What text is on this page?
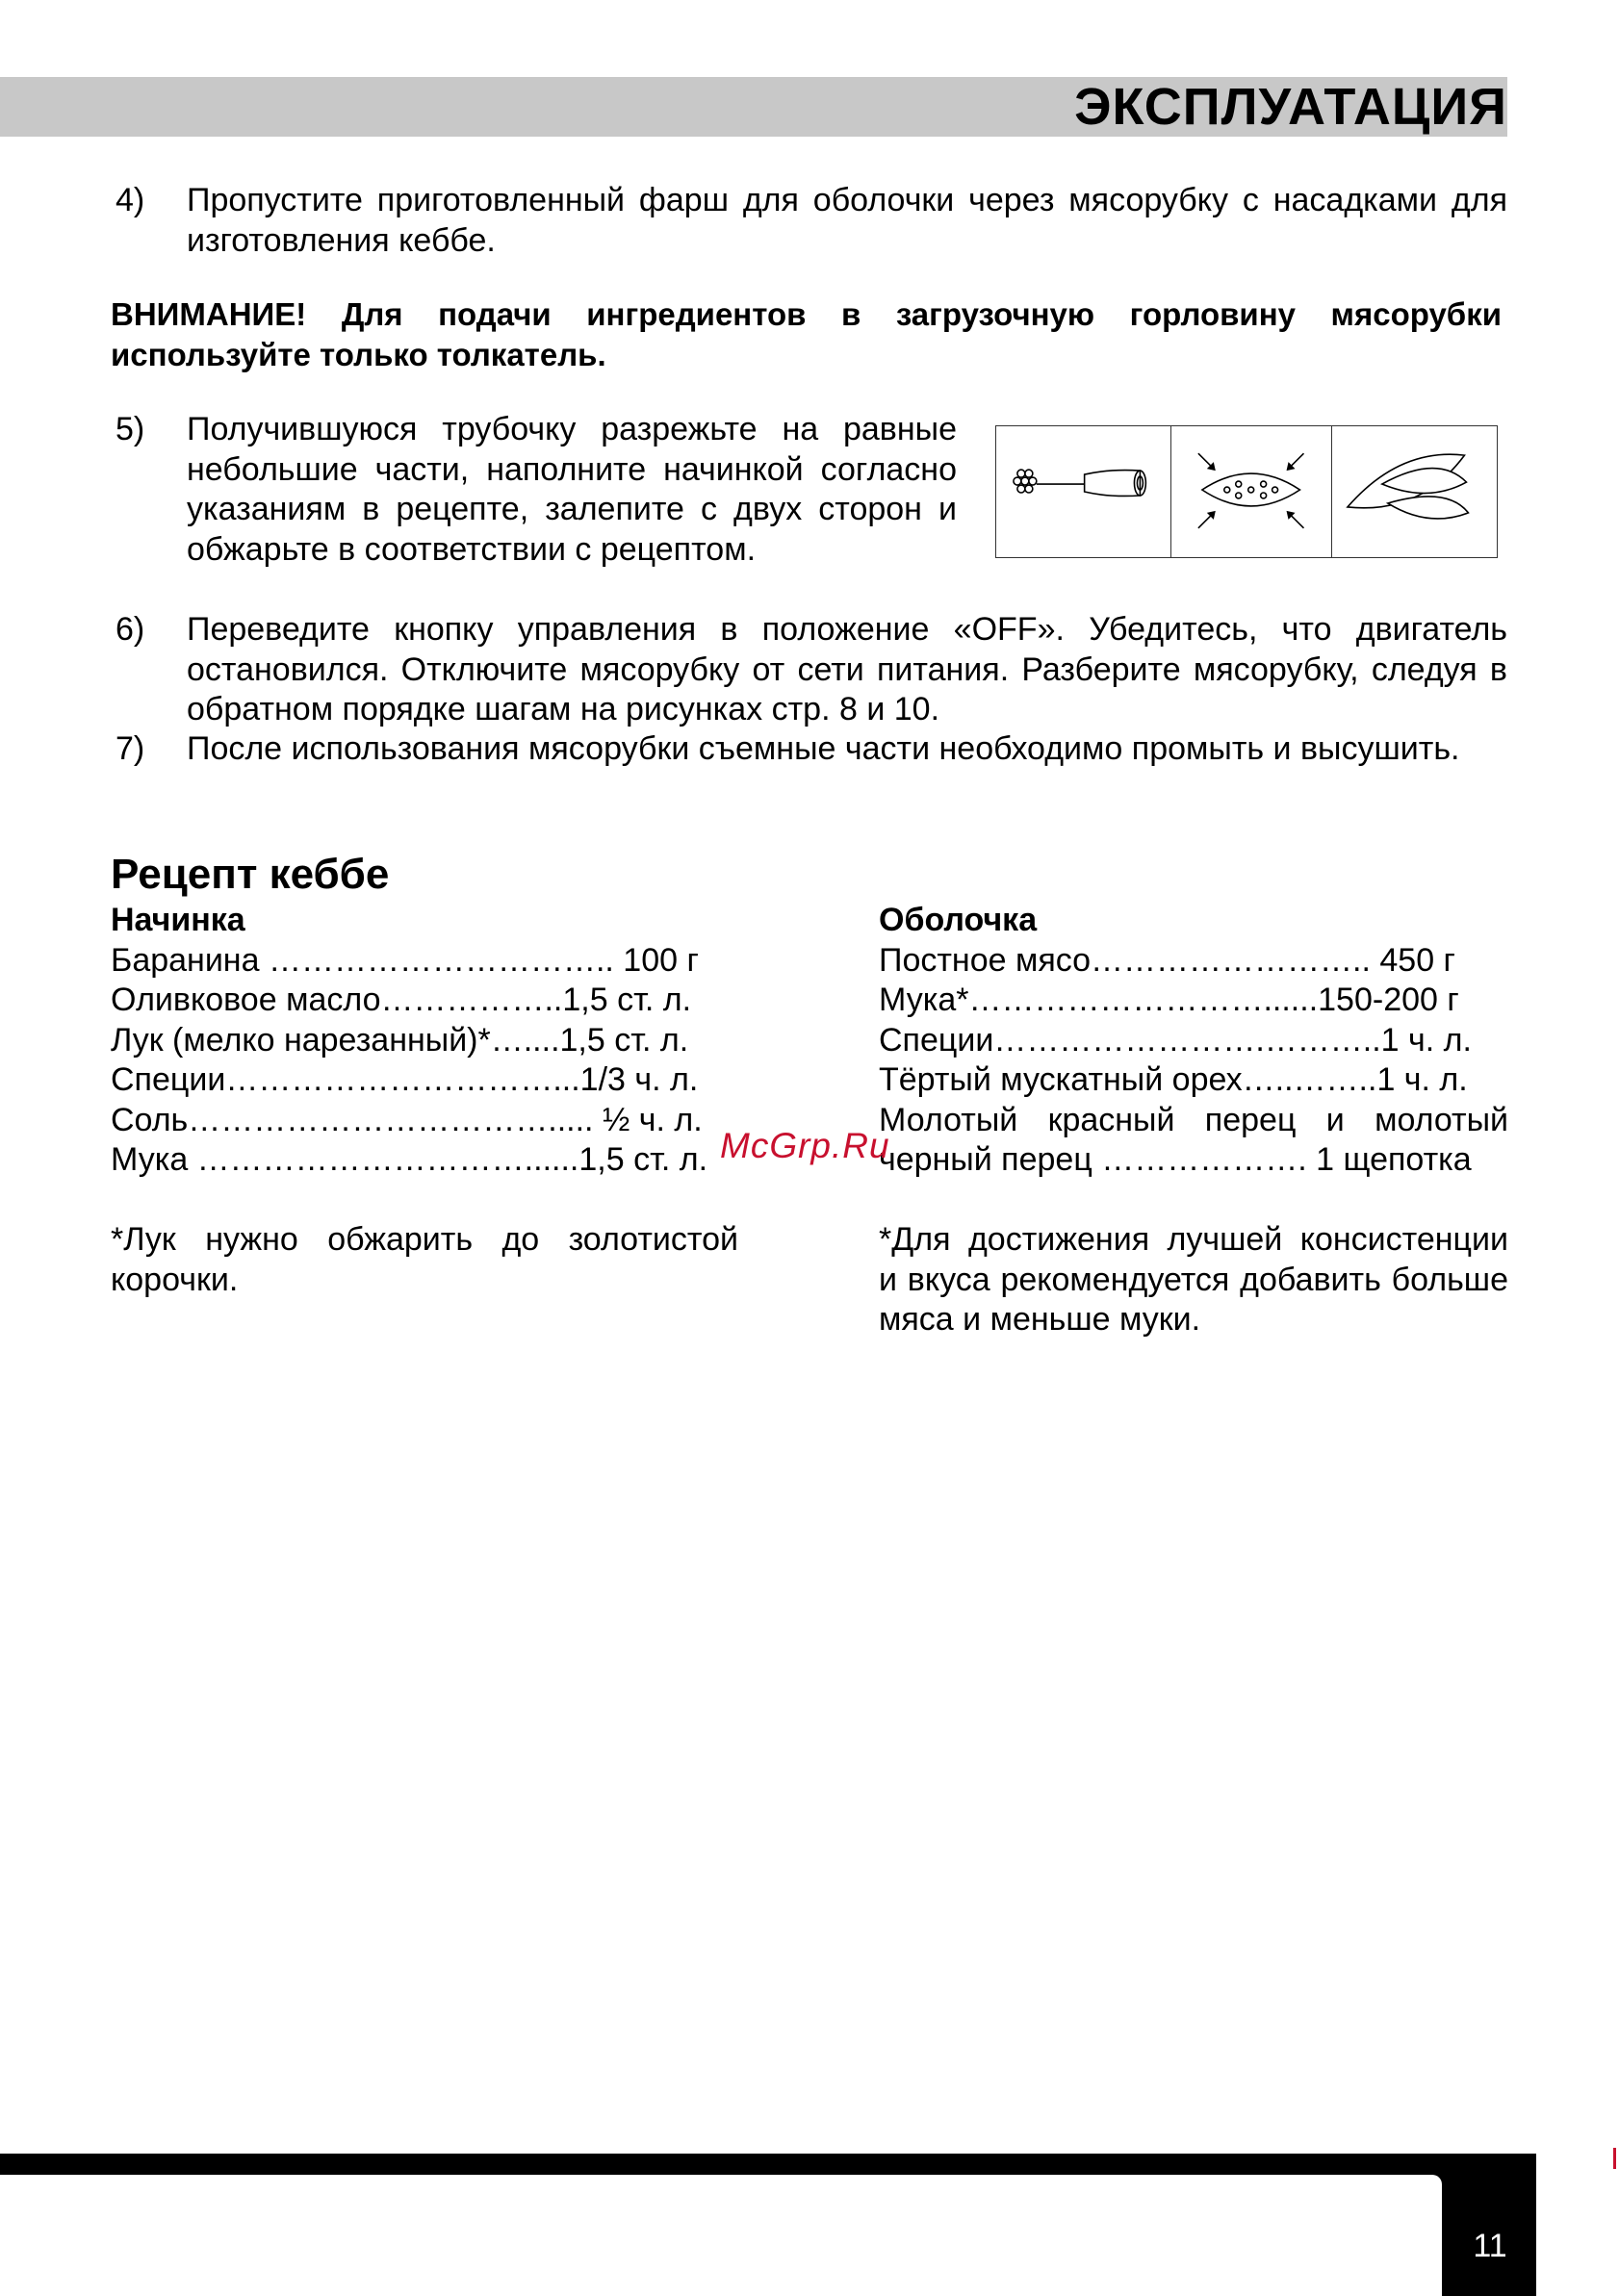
ЭКСПЛУАТАЦИЯ
4)	Пропустите приготовленный фарш для оболочки через мясорубку с насадками для изготовления кеббе.
ВНИМАНИЕ! Для подачи ингредиентов в загрузочную горловину мясорубки используйте только толкатель.
5)	Получившуюся трубочку разрежьте на равные небольшие части, наполните начинкой согласно указаниям в рецепте, залепите с двух сторон и обжарьте в соответствии с рецептом.
6)	Переведите кнопку управления в положение «OFF». Убедитесь, что двигатель остановился. Отключите мясорубку от сети питания. Разберите мясорубку, следуя в обратном порядке шагам на рисунках стр. 8 и 10.
7)	После использования мясорубки съемные части необходимо промыть и высушить.
Рецепт кеббе
Начинка
Баранина ………………………….. 100 г
Оливковое масло……………..1,5 ст. л.
Лук (мелко нарезанный)*…....1,5 ст. л.
Специи…………………………...1/3 ч. л.
Соль……………………………..... ½ ч. л.
Мука …………………………......1,5 ст. л.
*Лук нужно обжарить до золотистой корочки.
Оболочка
Постное мясо…………………….. 450 г
Мука*………………………......150-200 г
Специи…………………….………..1 ч. л.
Тёртый мускатный орех…..……..1 ч. л.
Молотый красный перец и молотый черный перец ………………. 1 щепотка
*Для достижения лучшей консистенции и вкуса рекомендуется добавить больше мяса и меньше муки.
McGrp.Ru
11
